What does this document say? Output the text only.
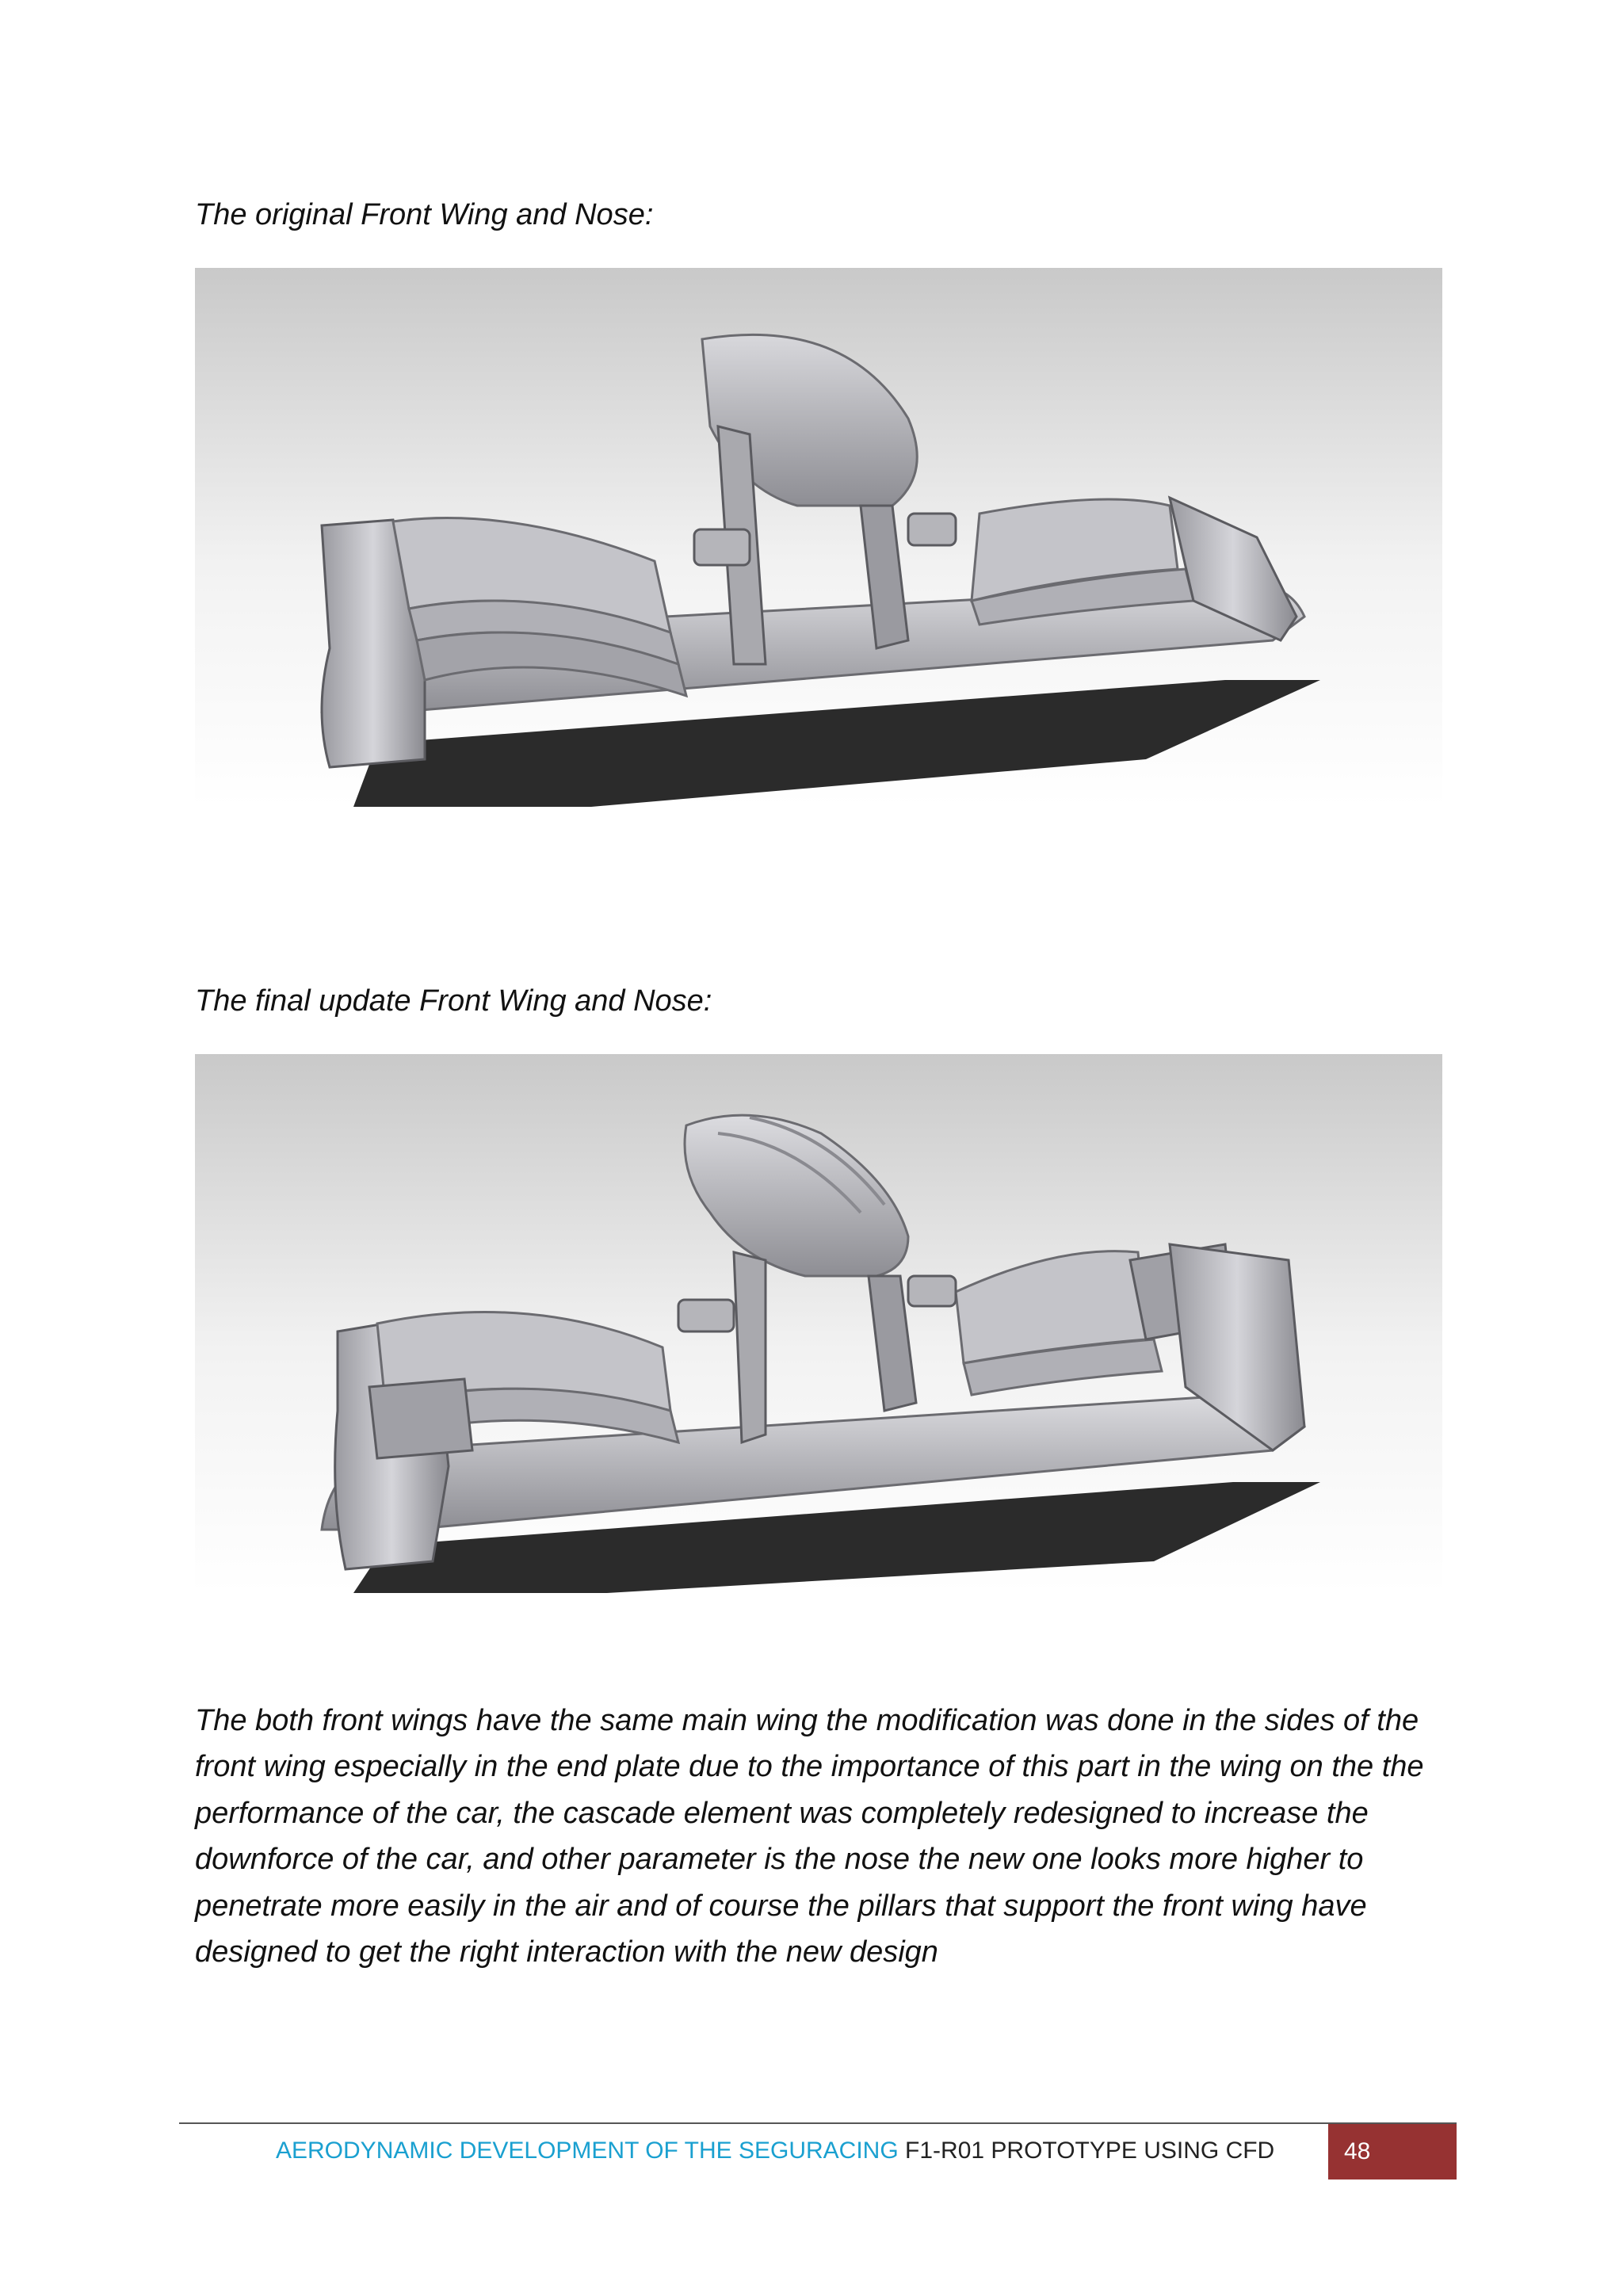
The original Front Wing and Nose:
The final update Front Wing and Nose:
The both front wings have the same main wing the modification was done in the sides of the front wing especially in the end plate due to the importance of this part in the wing on the the performance of the car, the cascade element was completely redesigned to increase the downforce of the car, and other parameter is the nose the new one looks more higher to penetrate more easily in the air and of course the pillars that support the front wing have designed to get the right interaction with the new design
AERODYNAMIC DEVELOPMENT OF THE SEGURACING F1-R01 PROTOTYPE USING CFD	48
